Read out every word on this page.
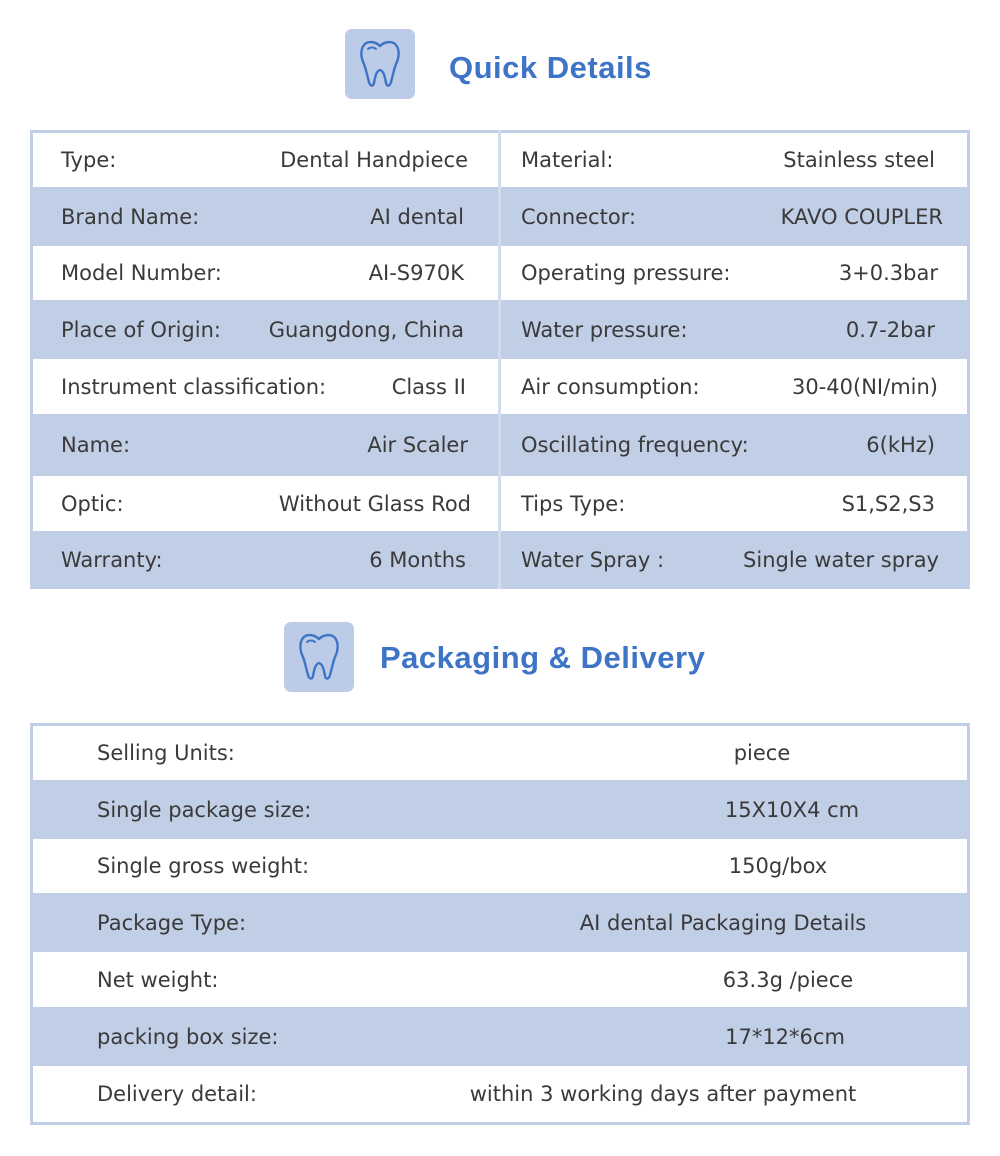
Quick Details
Type:	Dental Handpiece
Brand Name:	AI dental
Model Number:	AI-S970K
Place of Origin: Guangdong, China
Instrument classification:	Class II
Name:	Air Scaler
Optic:	Without Glass Rod
Warranty:	6 Months
Material:	Stainless steel
Connector:	KAVO COUPLER
Operating pressure:	3+0.3bar
Water pressure:	0.7-2bar
Air consumption:	30-40(NI/min)
Oscillating frequency:	6(kHz)
Tips Type:	S1,S2,S3
Water Spray :	Single water spray
Packaging & Delivery
Selling Units:	piece
Single package size:	15X10X4 cm
Single gross weight:	150g/box
Package Type:	AI dental Packaging Details
Net weight:	63.3g /piece
packing box size:	17*12*6cm
Delivery detail:	within 3 working days after payment
